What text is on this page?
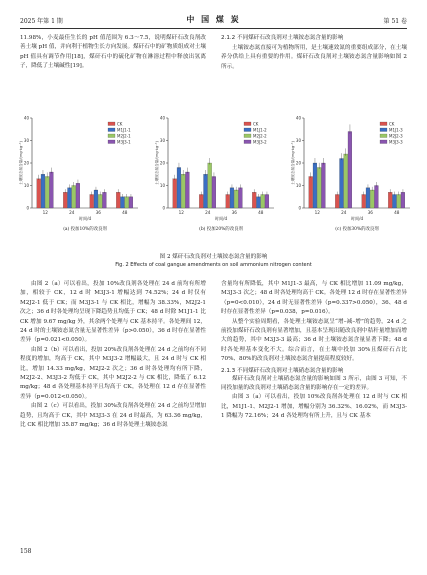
2025 年第 1 期	中 国 煤 炭	第 51 卷

11.98%，小麦最佳生长的 pH 值范围为 6.3～7.5，说明煤矸石改良剂改善土壤 pH 值，并向利于植物生长方向发展。煤矸石中的矿物质组成对土壤 pH 值具有调节作用[18]，煤矸石中的硫化矿物在淋溶过程中释放出氢离子，降低了土壤碱性[19]。

2.1.2 不同煤矸石改良剂对土壤铵态氮含量的影响

土壤铵态氮直接可为植物所用，是土壤速效氮的重要组成部分，在土壤养分供给上具有重要的作用。煤矸石改良剂对土壤铵态氮含量影响如图 2 所示。

0
10
20
30
40
土壤铵态氮含量/(mg·kg⁻¹)
12	24	36	48
时间/d
CK
M1J1-1
M2J2-1
M3J3-1
(a) 投加10%的改良剂
0
10
20
30
40
土壤铵态氮含量/(mg·kg⁻¹)
12	24	36	48
时间/d
CK
M1J1-2
M2J2-2
M3J3-2
(b) 投加20%的改良剂
0
10
20
30
40
土壤铵态氮含量/(mg·kg⁻¹)
12	24	36	48
时间/d
CK
M1J1-3
M2J2-3
M3J3-3
(c) 投加30%的改良剂
图 2 煤矸石改良剂对土壤铵态氮含量的影响
Fig. 2 Effects of coal gangue amendments on soil ammonium nitrogen content

由图 2（a）可以看出，投加 10%改良剂各处理在 24 d 前均有所增加，相较于 CK，12 d 时 M3J3-1 增幅达到 74.52%；24 d 时仅有 M2J2-1 低于 CK；而 M3J3-1 与 CK 相比，增幅为 38.33%，M2J2-1 次之；36 d 时各处理均呈现下降趋势且均低于 CK；48 d 时除 M1J1-1 比 CK 增加 9.67 mg/kg 外，其余两个处理与 CK 基本持平。各处理间 12，24 d 时的土壤铵态氮含量无显著性差异（p>0.050），36 d 时存在显著性差异（p=0.021<0.050）。

由图 2（b）可以看出，投加 20%改良剂各处理在 24 d 之前均有不同程度的增加，均高于 CK，其中 M3J3-2 增幅最大，且 24 d 时与 CK 相比，增加 14.33 mg/kg，M2J2-2 次之；36 d 时各处理均有所下降，M2J2-2、M3J3-2 均低于 CK，其中 M2J2-2 与 CK 相比，降低了 6.12 mg/kg；48 d 各处理基本持平且均高于 CK，各处理在 12 d 存在显著性差异（p=0.012<0.050）。

由图 2（c）可以看出，投加 30%改良剂各处理在 24 d 之前均呈增加趋势，且均高于 CK，其中 M3J3-3 在 24 d 时最高，为 63.36 mg/kg，比 CK 相比增加 35.87 mg/kg；36 d 时各处理土壤铵态氮

含量均有所降低，其中 M1J1-3 最高，与 CK 相比增加 11.09 mg/kg，M3J3-3 次之；48 d 时各处理均高于 CK。各处理 12 d 时存在显著性差异（p=0<0.010），24 d 时无显著性差异（p=0.337>0.050），36、48 d 时存在显著性差异（p=0.038，p=0.016）。

从整个实验周期看，各处理土壤铵态氮呈“增–减–增”的趋势，24 d 之前投加煤矸石改良剂有显著增加，且基本呈现出随改良剂中秸秆量增加而增大的趋势，其中 M3J3-3 最高；36 d 时土壤铵态氮含量显著下降；48 d 时各处理基本变化不大。综合而言，在土壤中投加 30%且煤矸石占比 70%、80%的改良剂对土壤铵态氮含量提高程度较好。

2.1.3 不同煤矸石改良剂对土壤硝态氮含量的影响

煤矸石改良剂对土壤硝态氮含量的影响如图 3 所示，由图 3 可知，不同投加量的改良剂对土壤硝态氮含量的影响存在一定的差异。

由图 3（a）可以看出，投加 10%改良剂各处理在 12 d 时与 CK 相比，M1J1-1、M2J2-1 增加，增幅分别为 36.32%、16.02%，而 M3J3-1 降幅为 72.16%；24 d 各处理均有所上升，且与 CK 基本

158
